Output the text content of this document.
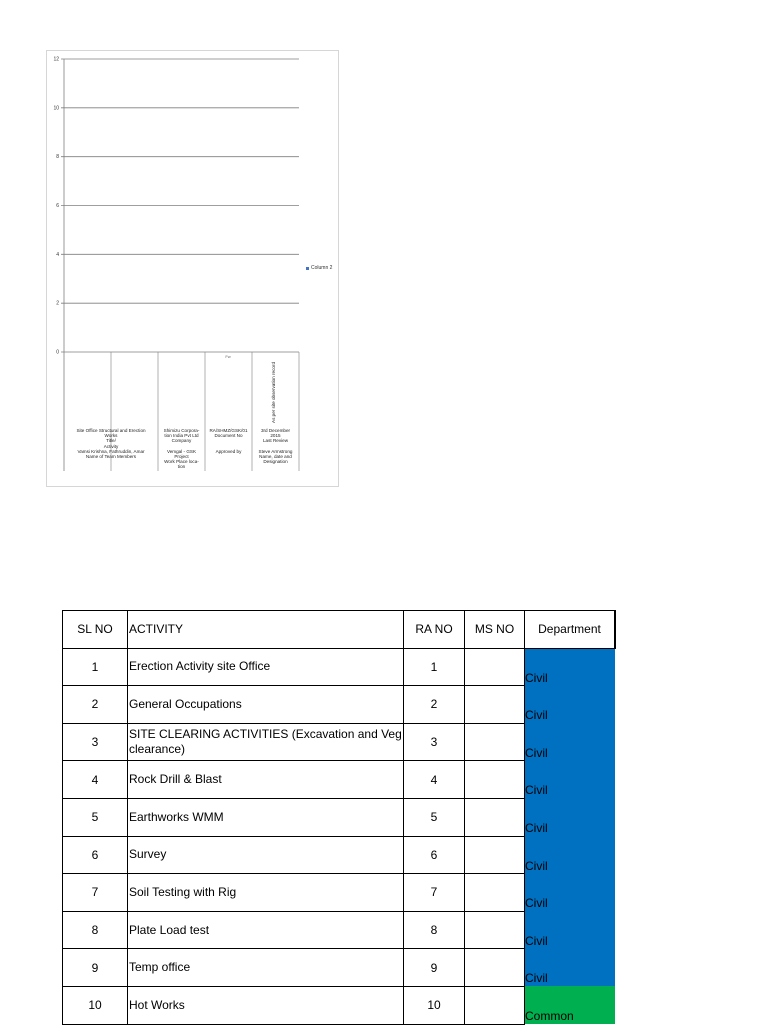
0
2
4
6
8
10
12
Column 2
Site Office Structural and Erection
Works
Title/
Activity
Vamsi Krishna, Fathruddin, Amar
Name of Team Members
Shimizu Corpora-
tion India Pvt Ltd
Company

Vemgal - GSK
Project
Work Place loca-
tion
RA/SHMZ/GSK/01
Document No

Approved by
3rd December
2015
Last Review

Steve Armstrong
Name, date and
Designation
As per site observation record
Fw
SL NO	ACTIVITY	RA NO	MS NO	Department
1	Erection Activity site Office	1		Civil
2	General Occupations	2		Civil
3	SITE CLEARING ACTIVITIES (Excavation and Veg clearance)	3		Civil
4	Rock Drill & Blast	4		Civil
5	Earthworks WMM	5		Civil
6	Survey	6		Civil
7	Soil Testing with Rig	7		Civil
8	Plate Load test	8		Civil
9	Temp office	9		Civil
10	Hot Works	10		Common
